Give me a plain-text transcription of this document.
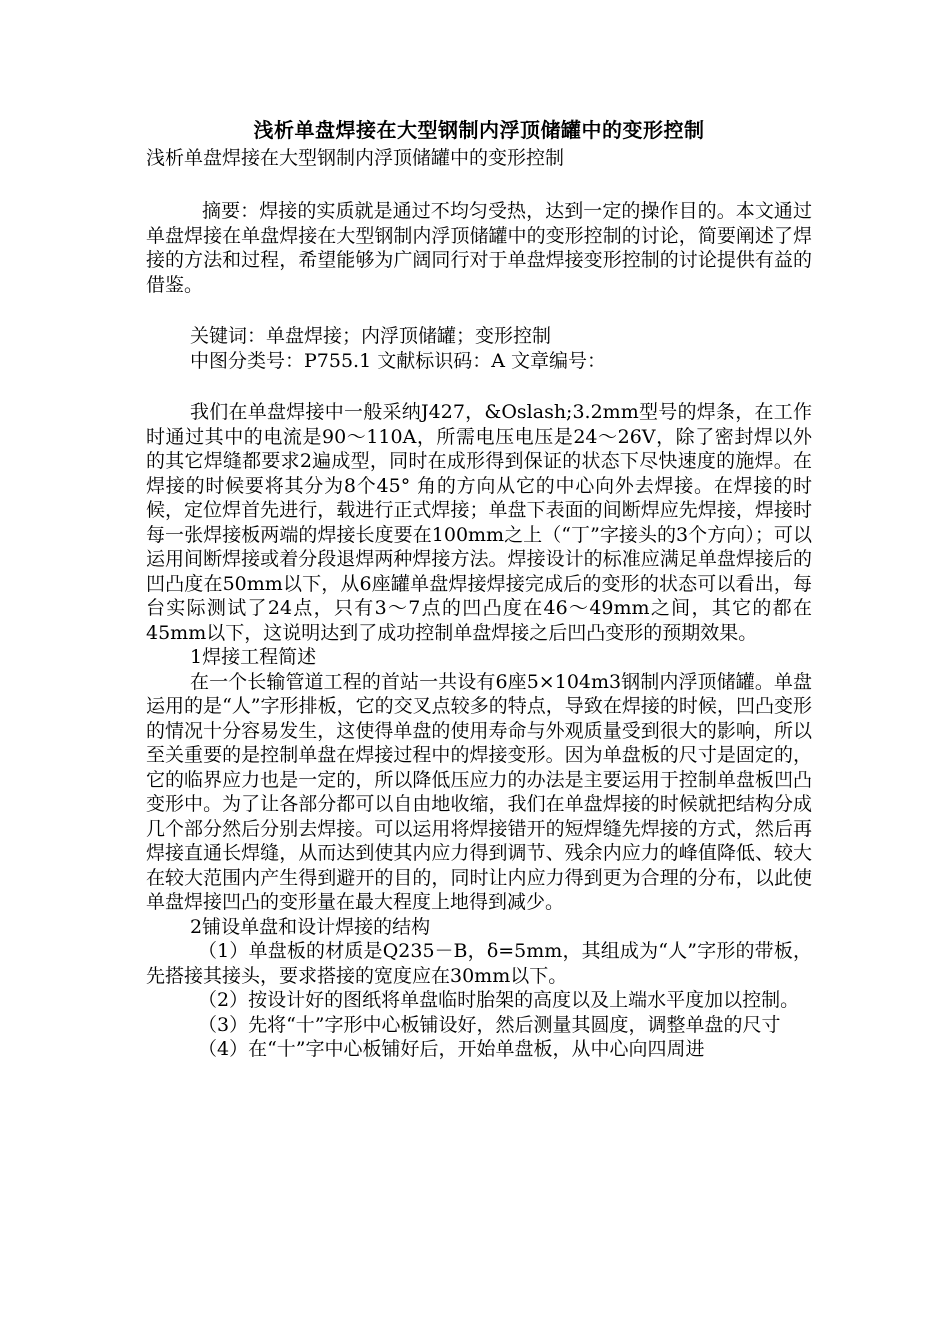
浅析单盘焊接在大型钢制内浮顶储罐中的变形控制

浅析单盘焊接在大型钢制内浮顶储罐中的变形控制

摘要：焊接的实质就是通过不均匀受热，达到一定的操作目的。本文通过单盘焊接在单盘焊接在大型钢制内浮顶储罐中的变形控制的讨论，简要阐述了焊接的方法和过程，希望能够为广阔同行对于单盘焊接变形控制的讨论提供有益的借鉴。

关键词：单盘焊接；内浮顶储罐；变形控制

中图分类号：P755.1 文献标识码：A 文章编号：

我们在单盘焊接中一般采纳J427，&Oslash;3.2mm型号的焊条，在工作时通过其中的电流是90～110A，所需电压电压是24～26V，除了密封焊以外的其它焊缝都要求2遍成型，同时在成形得到保证的状态下尽快速度的施焊。在焊接的时候要将其分为8个45° 角的方向从它的中心向外去焊接。在焊接的时候，定位焊首先进行，载进行正式焊接；单盘下表面的间断焊应先焊接，焊接时每一张焊接板两端的焊接长度要在100mm之上（“丁”字接头的3个方向）；可以运用间断焊接或着分段退焊两种焊接方法。焊接设计的标准应满足单盘焊接后的凹凸度在50mm以下，从6座罐单盘焊接焊接完成后的变形的状态可以看出，每台实际测试了24点，只有3～7点的凹凸度在46～49mm之间，其它的都在45mm以下，这说明达到了成功控制单盘焊接之后凹凸变形的预期效果。

1焊接工程简述

在一个长输管道工程的首站一共设有6座5×104m3钢制内浮顶储罐。单盘运用的是“人”字形排板，它的交叉点较多的特点，导致在焊接的时候，凹凸变形的情况十分容易发生，这使得单盘的使用寿命与外观质量受到很大的影响，所以至关重要的是控制单盘在焊接过程中的焊接变形。因为单盘板的尺寸是固定的，它的临界应力也是一定的，所以降低压应力的办法是主要运用于控制单盘板凹凸变形中。为了让各部分都可以自由地收缩，我们在单盘焊接的时候就把结构分成几个部分然后分别去焊接。可以运用将焊接错开的短焊缝先焊接的方式，然后再焊接直通长焊缝，从而达到使其内应力得到调节、残余内应力的峰值降低、较大在较大范围内产生得到避开的目的，同时让内应力得到更为合理的分布，以此使单盘焊接凹凸的变形量在最大程度上地得到减少。

2铺设单盘和设计焊接的结构

（1）单盘板的材质是Q235－B，δ=5mm，其组成为“人”字形的带板，先搭接其接头，要求搭接的宽度应在30mm以下。

（2）按设计好的图纸将单盘临时胎架的高度以及上端水平度加以控制。

（3）先将“十”字形中心板铺设好，然后测量其圆度，调整单盘的尺寸

（4）在“十”字中心板铺好后，开始单盘板，从中心向四周进
